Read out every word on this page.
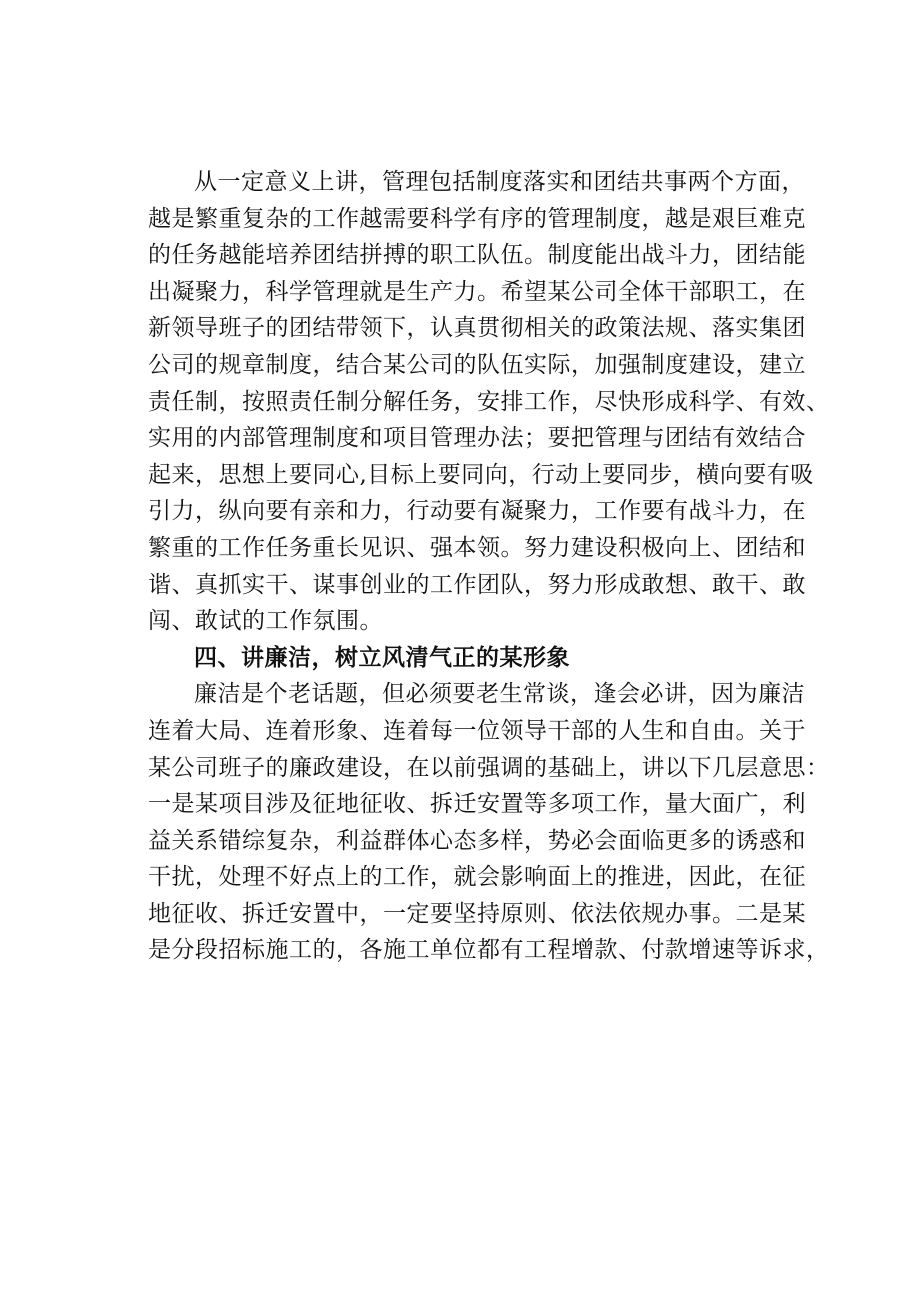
从一定意义上讲，管理包括制度落实和团结共事两个方面，
越是繁重复杂的工作越需要科学有序的管理制度，越是艰巨难克
的任务越能培养团结拼搏的职工队伍。制度能出战斗力，团结能
出凝聚力，科学管理就是生产力。希望某公司全体干部职工，在
新领导班子的团结带领下，认真贯彻相关的政策法规、落实集团
公司的规章制度，结合某公司的队伍实际，加强制度建设，建立
责任制，按照责任制分解任务，安排工作，尽快形成科学、有效、
实用的内部管理制度和项目管理办法；要把管理与团结有效结合
起来，思想上要同心,目标上要同向，行动上要同步，横向要有吸
引力，纵向要有亲和力，行动要有凝聚力，工作要有战斗力，在
繁重的工作任务重长见识、强本领。努力建设积极向上、团结和
谐、真抓实干、谋事创业的工作团队，努力形成敢想、敢干、敢
闯、敢试的工作氛围。
四、讲廉洁，树立风清气正的某形象
廉洁是个老话题，但必须要老生常谈，逢会必讲，因为廉洁
连着大局、连着形象、连着每一位领导干部的人生和自由。关于
某公司班子的廉政建设，在以前强调的基础上，讲以下几层意思：
一是某项目涉及征地征收、拆迁安置等多项工作，量大面广，利
益关系错综复杂，利益群体心态多样，势必会面临更多的诱惑和
干扰，处理不好点上的工作，就会影响面上的推进，因此，在征
地征收、拆迁安置中，一定要坚持原则、依法依规办事。二是某
是分段招标施工的，各施工单位都有工程增款、付款增速等诉求，
